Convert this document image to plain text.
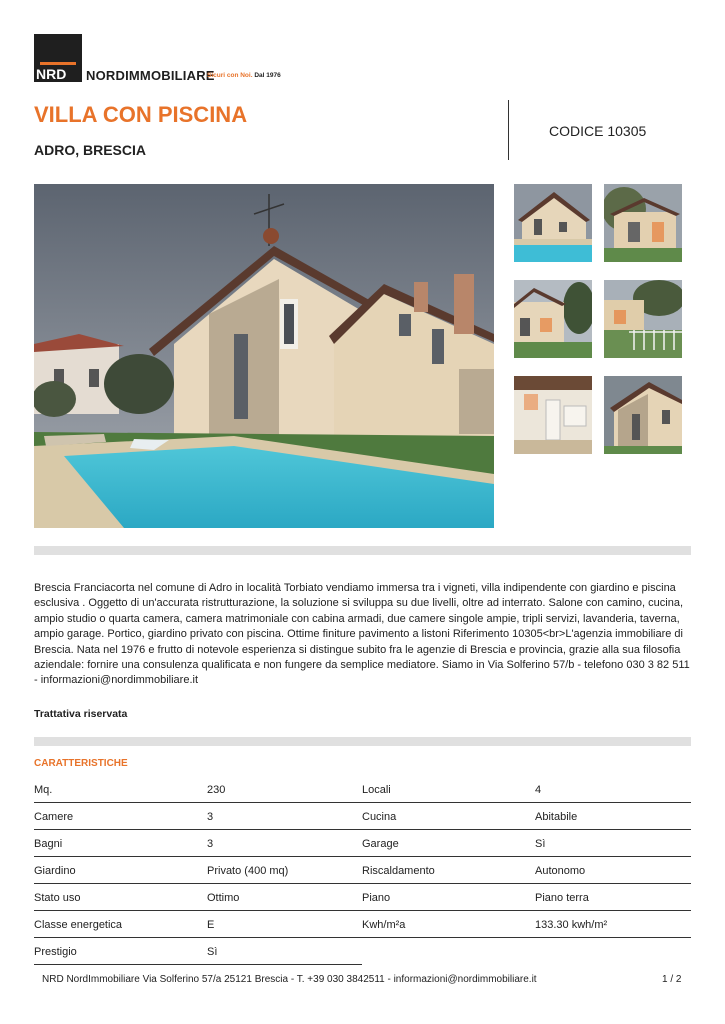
NRD NORDIMMOBILIARE
Sicuri con Noi. Dal 1976
VILLA CON PISCINA
ADRO, BRESCIA
CODICE 10305
Brescia Franciacorta nel comune di Adro in località Torbiato vendiamo immersa tra i vigneti, villa indipendente con giardino e piscina esclusiva . Oggetto di un'accurata ristrutturazione, la soluzione si sviluppa su due livelli, oltre ad interrato. Salone con camino, cucina, ampio studio o quarta camera, camera matrimoniale con cabina armadi, due camere singole ampie, tripli servizi, lavanderia, taverna, ampio garage. Portico, giardino privato con piscina. Ottime finiture pavimento a listoni Riferimento 10305<br>L'agenzia immobiliare di Brescia. Nata nel 1976 e frutto di notevole esperienza si distingue subito fra le agenzie di Brescia e provincia, grazie alla sua filosofia aziendale: fornire una consulenza qualificata e non fungere da semplice mediatore. Siamo in Via Solferino 57/b - telefono 030 3 82 511 - informazioni@nordimmobiliare.it
Trattativa riservata
CARATTERISTICHE
Mq.	230	Locali	4
Camere	3	Cucina	Abitabile
Bagni	3	Garage	Sì
Giardino	Privato (400 mq)	Riscaldamento	Autonomo
Stato uso	Ottimo	Piano	Piano terra
Classe energetica	E	Kwh/m²a	133.30 kwh/m²
Prestigio	Sì
NRD NordImmobiliare Via Solferino 57/a 25121 Brescia - T. +39 030 3842511 - informazioni@nordimmobiliare.it	1 / 2
